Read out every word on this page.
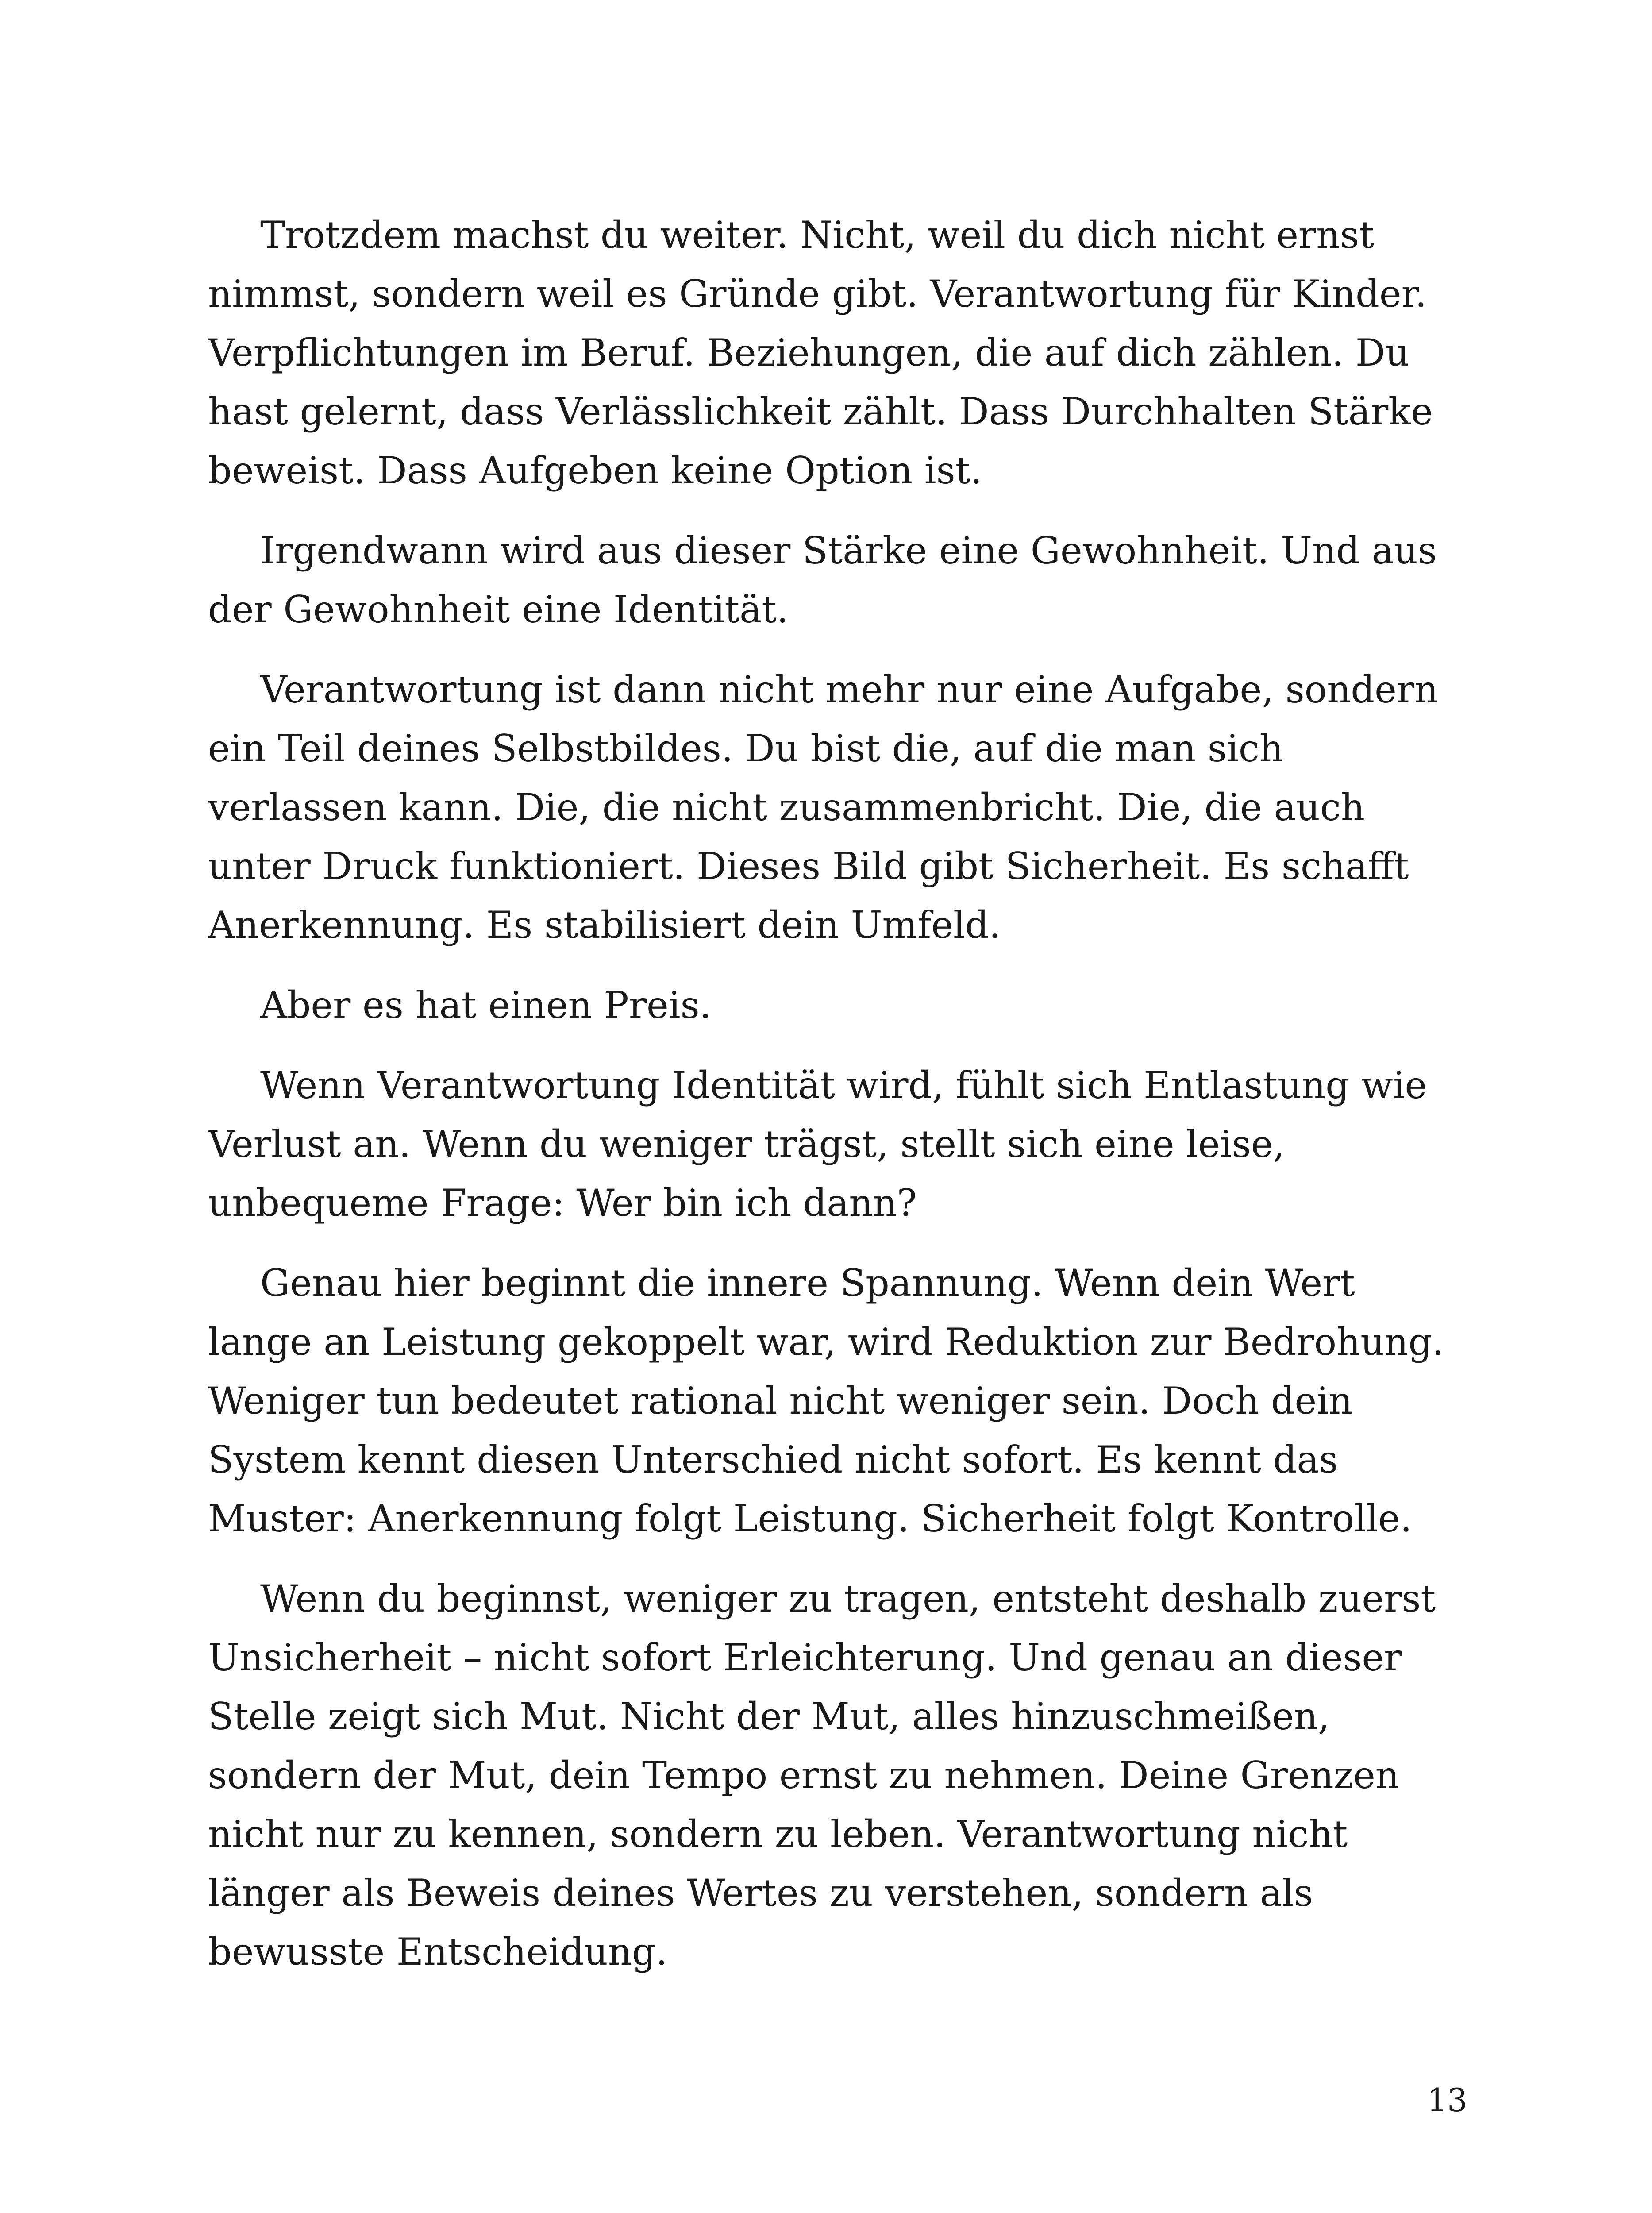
Trotzdem machst du weiter. Nicht, weil du dich nicht ernst nimmst, sondern weil es Gründe gibt. Verantwortung für Kinder. Verpflichtungen im Beruf. Beziehungen, die auf dich zählen. Du hast gelernt, dass Verlässlichkeit zählt. Dass Durchhalten Stärke beweist. Dass Aufgeben keine Option ist.

Irgendwann wird aus dieser Stärke eine Gewohnheit. Und aus der Gewohnheit eine Identität.

Verantwortung ist dann nicht mehr nur eine Aufgabe, sondern ein Teil deines Selbstbildes. Du bist die, auf die man sich verlassen kann. Die, die nicht zusammenbricht. Die, die auch unter Druck funktioniert. Dieses Bild gibt Sicherheit. Es schafft Anerkennung. Es stabilisiert dein Umfeld.

Aber es hat einen Preis.

Wenn Verantwortung Identität wird, fühlt sich Entlastung wie Verlust an. Wenn du weniger trägst, stellt sich eine leise, unbequeme Frage: Wer bin ich dann?

Genau hier beginnt die innere Spannung. Wenn dein Wert lange an Leistung gekoppelt war, wird Reduktion zur Bedrohung. Weniger tun bedeutet rational nicht weniger sein. Doch dein System kennt diesen Unterschied nicht sofort. Es kennt das Muster: Anerkennung folgt Leistung. Sicherheit folgt Kontrolle.

Wenn du beginnst, weniger zu tragen, entsteht deshalb zuerst Unsicherheit – nicht sofort Erleichterung. Und genau an dieser Stelle zeigt sich Mut. Nicht der Mut, alles hinzuschmeißen, sondern der Mut, dein Tempo ernst zu nehmen. Deine Grenzen nicht nur zu kennen, sondern zu leben. Verantwortung nicht länger als Beweis deines Wertes zu verstehen, sondern als bewusste Entscheidung.

13
